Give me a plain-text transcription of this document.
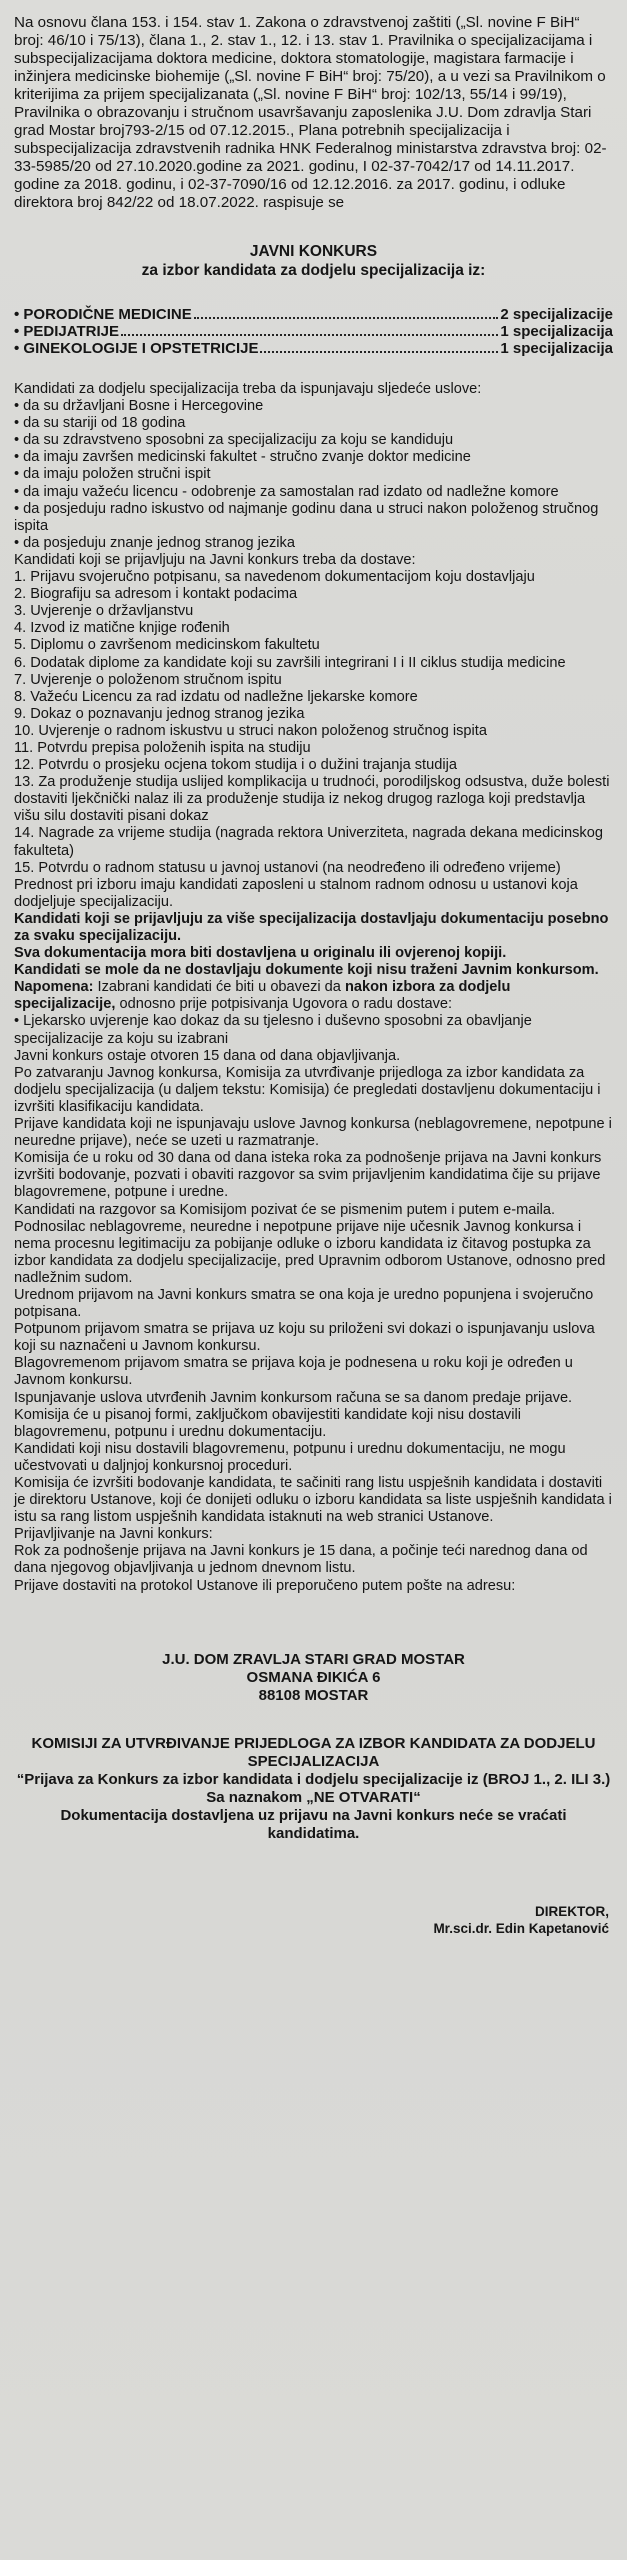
Na osnovu člana 153. i 154. stav 1. Zakona o zdravstvenoj zaštiti („Sl. novine F BiH“ broj: 46/10 i 75/13), člana 1., 2. stav 1., 12. i 13. stav 1. Pravilnika o specijalizacijama i subspecijalizacijama doktora medicine, doktora stomatologije, magistara farmacije i inžinjera medicinske biohemije („Sl. novine F BiH“ broj: 75/20), a u vezi sa Pravilnikom o kriterijima za prijem specijalizanata („Sl. novine F BiH“ broj: 102/13, 55/14 i 99/19), Pravilnika o obrazovanju i stručnom usavršavanju zaposlenika J.U. Dom zdravlja Stari grad Mostar broj793-2/15 od 07.12.2015., Plana potrebnih specijalizacija i subspecijalizacija zdravstvenih radnika HNK Federalnog ministarstva zdravstva broj: 02-33-5985/20 od 27.10.2020.godine za 2021. godinu, I 02-37-7042/17 od 14.11.2017. godine za 2018. godinu, i 02-37-7090/16 od 12.12.2016. za 2017. godinu, i odluke direktora broj 842/22 od 18.07.2022. raspisuje se

JAVNI KONKURS
za izbor kandidata za dodjelu specijalizacija iz:
• PORODIČNE MEDICINE	2 specijalizacije
• PEDIJATRIJE	1 specijalizacija
• GINEKOLOGIJE I OPSTETRICIJE	1 specijalizacija

Kandidati za dodjelu specijalizacija treba da ispunjavaju sljedeće uslove:

• da su državljani Bosne i Hercegovine

• da su stariji od 18 godina

• da su zdravstveno sposobni za specijalizaciju za koju se kandiduju

• da imaju završen medicinski fakultet - stručno zvanje doktor medicine

• da imaju položen stručni ispit

• da imaju važeću licencu - odobrenje za samostalan rad izdato od nadležne komore

• da posjeduju radno iskustvo od najmanje godinu dana u struci nakon položenog stručnog ispita

• da posjeduju znanje jednog stranog jezika

Kandidati koji se prijavljuju na Javni konkurs treba da dostave:

1. Prijavu svojeručno potpisanu, sa navedenom dokumentacijom koju dostavljaju

2. Biografiju sa adresom i kontakt podacima

3. Uvjerenje o državljanstvu

4. Izvod iz matične knjige rođenih

5. Diplomu o završenom medicinskom fakultetu

6. Dodatak diplome za kandidate koji su završili integrirani I i II ciklus studija medicine

7. Uvjerenje o položenom stručnom ispitu

8. Važeću Licencu za rad izdatu od nadležne ljekarske komore

9. Dokaz o poznavanju jednog stranog jezika

10. Uvjerenje o radnom iskustvu u struci nakon položenog stručnog ispita

11. Potvrdu prepisa položenih ispita na studiju

12. Potvrdu o prosjeku ocjena tokom studija i o dužini trajanja studija

13. Za produženje studija uslijed komplikacija u trudnoći, porodiljskog odsustva, duže bolesti dostaviti ljekčnički nalaz ili za produženje studija iz nekog drugog razloga koji predstavlja višu silu dostaviti pisani dokaz

14. Nagrade za vrijeme studija (nagrada rektora Univerziteta, nagrada dekana medicinskog fakulteta)

15. Potvrdu o radnom statusu u javnoj ustanovi (na neodređeno ili određeno vrijeme)

Prednost pri izboru imaju kandidati zaposleni u stalnom radnom odnosu u ustanovi koja dodjeljuje specijalizaciju.

Kandidati koji se prijavljuju za više specijalizacija dostavljaju dokumentaciju posebno za svaku specijalizaciju.

Sva dokumentacija mora biti dostavljena u originalu ili ovjerenoj kopiji.

Kandidati se mole da ne dostavljaju dokumente koji nisu traženi Javnim konkursom.

Napomena: Izabrani kandidati će biti u obavezi da nakon izbora za dodjelu specijalizacije, odnosno prije potpisivanja Ugovora o radu dostave:

• Ljekarsko uvjerenje kao dokaz da su tjelesno i duševno sposobni za obavljanje specijalizacije za koju su izabrani

Javni konkurs ostaje otvoren 15 dana od dana objavljivanja.

Po zatvaranju Javnog konkursa, Komisija za utvrđivanje prijedloga za izbor kandidata za dodjelu specijalizacija (u daljem tekstu: Komisija) će pregledati dostavljenu dokumentaciju i izvršiti klasifikaciju kandidata.

Prijave kandidata koji ne ispunjavaju uslove Javnog konkursa (neblagovremene, nepotpune i neuredne prijave), neće se uzeti u razmatranje.

Komisija će u roku od 30 dana od dana isteka roka za podnošenje prijava na Javni konkurs izvršiti bodovanje, pozvati i obaviti razgovor sa svim prijavljenim kandidatima čije su prijave blagovremene, potpune i uredne.

Kandidati na razgovor sa Komisijom pozivat će se pismenim putem i putem e-maila.

Podnosilac neblagovreme, neuredne i nepotpune prijave nije učesnik Javnog konkursa i nema procesnu legitimaciju za pobijanje odluke o izboru kandidata iz čitavog postupka za izbor kandidata za dodjelu specijalizacije, pred Upravnim odborom Ustanove, odnosno pred nadležnim sudom.

Urednom prijavom na Javni konkurs smatra se ona koja je uredno popunjena i svojeručno potpisana.

Potpunom prijavom smatra se prijava uz koju su priloženi svi dokazi o ispunjavanju uslova koji su naznačeni u Javnom konkursu.

Blagovremenom prijavom smatra se prijava koja je podnesena u roku koji je određen u Javnom konkursu.

Ispunjavanje uslova utvrđenih Javnim konkursom računa se sa danom predaje prijave.

Komisija će u pisanoj formi, zaključkom obavijestiti kandidate koji nisu dostavili blagovremenu, potpunu i urednu dokumentaciju.

Kandidati koji nisu dostavili blagovremenu, potpunu i urednu dokumentaciju, ne mogu učestvovati u daljnjoj konkursnoj proceduri.

Komisija će izvršiti bodovanje kandidata, te sačiniti rang listu uspješnih kandidata i dostaviti je direktoru Ustanove, koji će donijeti odluku o izboru kandidata sa liste uspješnih kandidata i istu sa rang listom uspješnih kandidata istaknuti na web stranici Ustanove.

Prijavljivanje na Javni konkurs:

Rok za podnošenje prijava na Javni konkurs je 15 dana, a počinje teći narednog dana od dana njegovog objavljivanja u jednom dnevnom listu.

Prijave dostaviti na protokol Ustanove ili preporučeno putem pošte na adresu:

J.U. DOM ZRAVLJA STARI GRAD MOSTAR
OSMANA ĐIKIĆA 6
88108 MOSTAR
KOMISIJI ZA UTVRĐIVANJE PRIJEDLOGA ZA IZBOR KANDIDATA ZA DODJELU SPECIJALIZACIJA
“Prijava za Konkurs za izbor kandidata i dodjelu specijalizacije iz (BROJ 1., 2. ILI 3.)
Sa naznakom „NE OTVARATI“
Dokumentacija dostavljena uz prijavu na Javni konkurs neće se vraćati kandidatima.
DIREKTOR,
Mr.sci.dr. Edin Kapetanović
